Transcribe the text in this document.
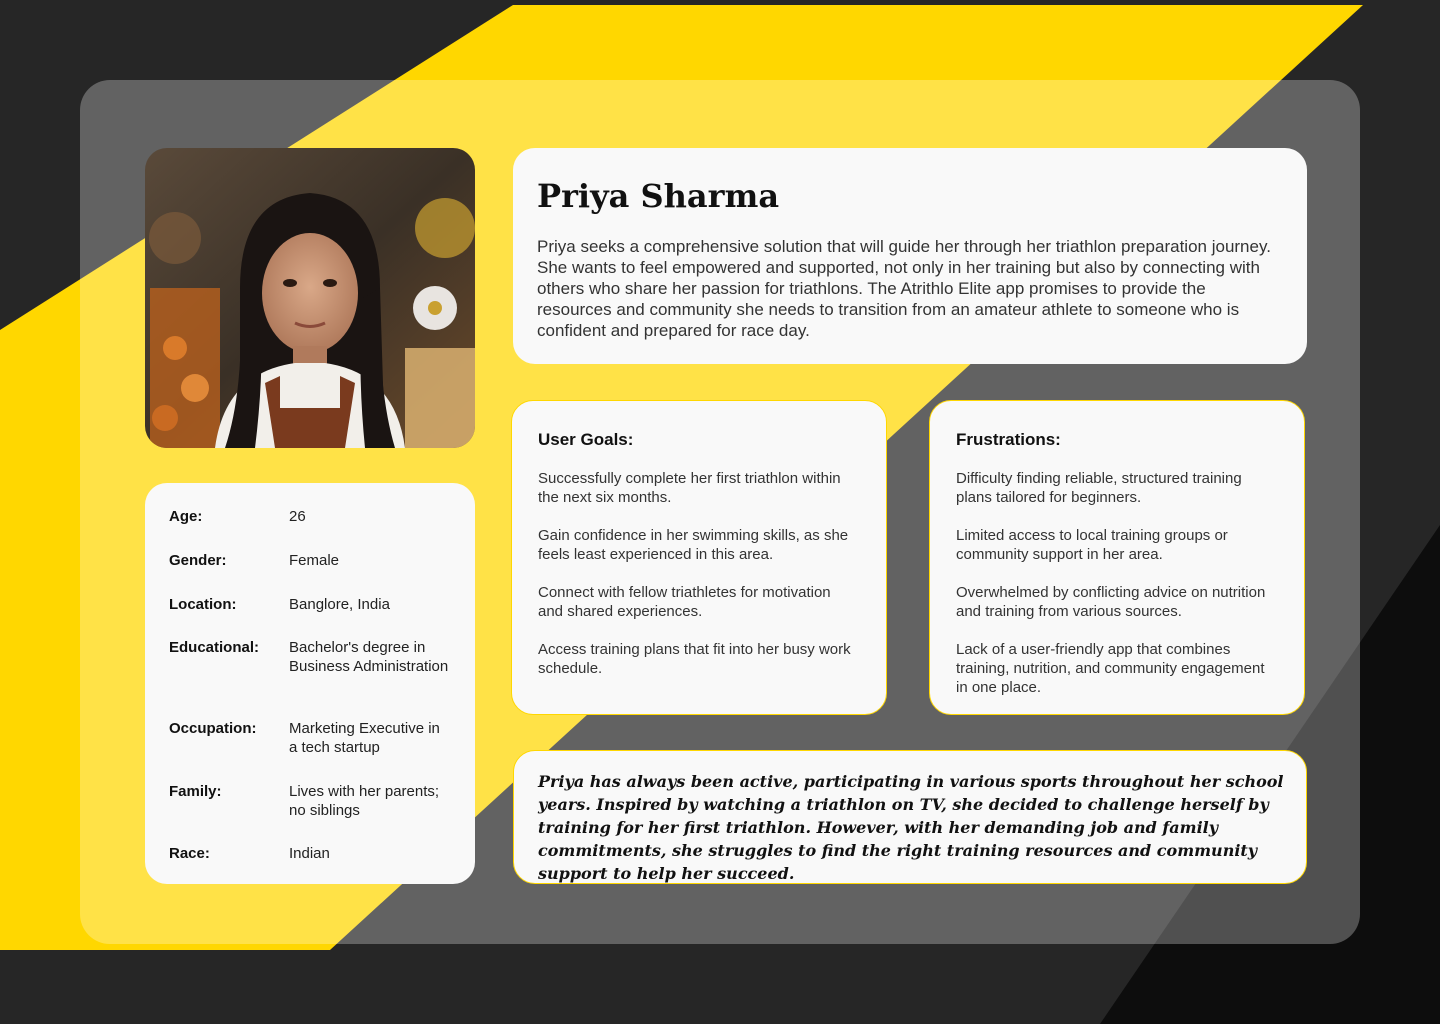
Age:	26
Gender:	Female
Location:	Banglore, India
Educational:	Bachelor's degree in Business Administration
Occupation:	Marketing Executive in a tech startup
Family:	Lives with her parents; no siblings
Race:	Indian
Priya Sharma
Priya seeks a comprehensive solution that will guide her through her triathlon preparation journey. She wants to feel empowered and supported, not only in her training but also by connecting with others who share her passion for triathlons. The Atrithlo Elite app promises to provide the resources and community she needs to transition from an amateur athlete to someone who is confident and prepared for race day.
User Goals:
Successfully complete her first triathlon within the next six months.
Gain confidence in her swimming skills, as she feels least experienced in this area.
Connect with fellow triathletes for motivation and shared experiences.
Access training plans that fit into her busy work schedule.
Frustrations:
Difficulty finding reliable, structured training plans tailored for beginners.
Limited access to local training groups or community support in her area.
Overwhelmed by conflicting advice on nutrition and training from various sources.
Lack of a user-friendly app that combines training, nutrition, and community engagement in one place.
Priya has always been active, participating in various sports throughout her school years. Inspired by watching a triathlon on TV, she decided to challenge herself by training for her first triathlon. However, with her demanding job and family commitments, she struggles to find the right training resources and community support to help her succeed.
